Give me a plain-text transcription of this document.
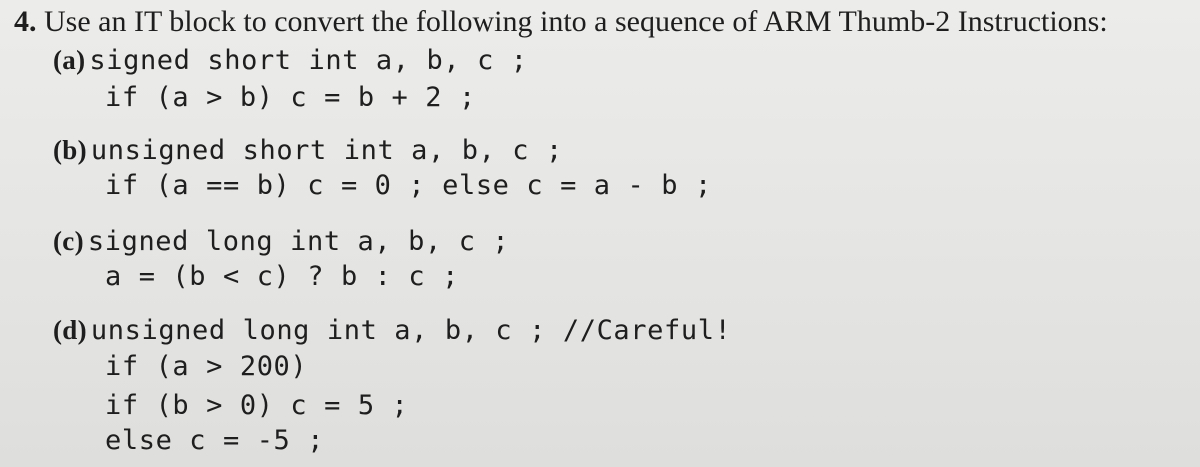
4. Use an IT block to convert the following into a sequence of ARM Thumb-2 Instructions:
(a) signed short int a, b, c ;
if (a > b) c = b + 2 ;
(b) unsigned short int a, b, c ;
if (a == b) c = 0 ; else c = a - b ;
(c) signed long int a, b, c ;
a = (b < c) ? b : c ;
(d) unsigned long int a, b, c ; //Careful!
if (a > 200)
if (b > 0) c = 5 ;
else c = -5 ;
